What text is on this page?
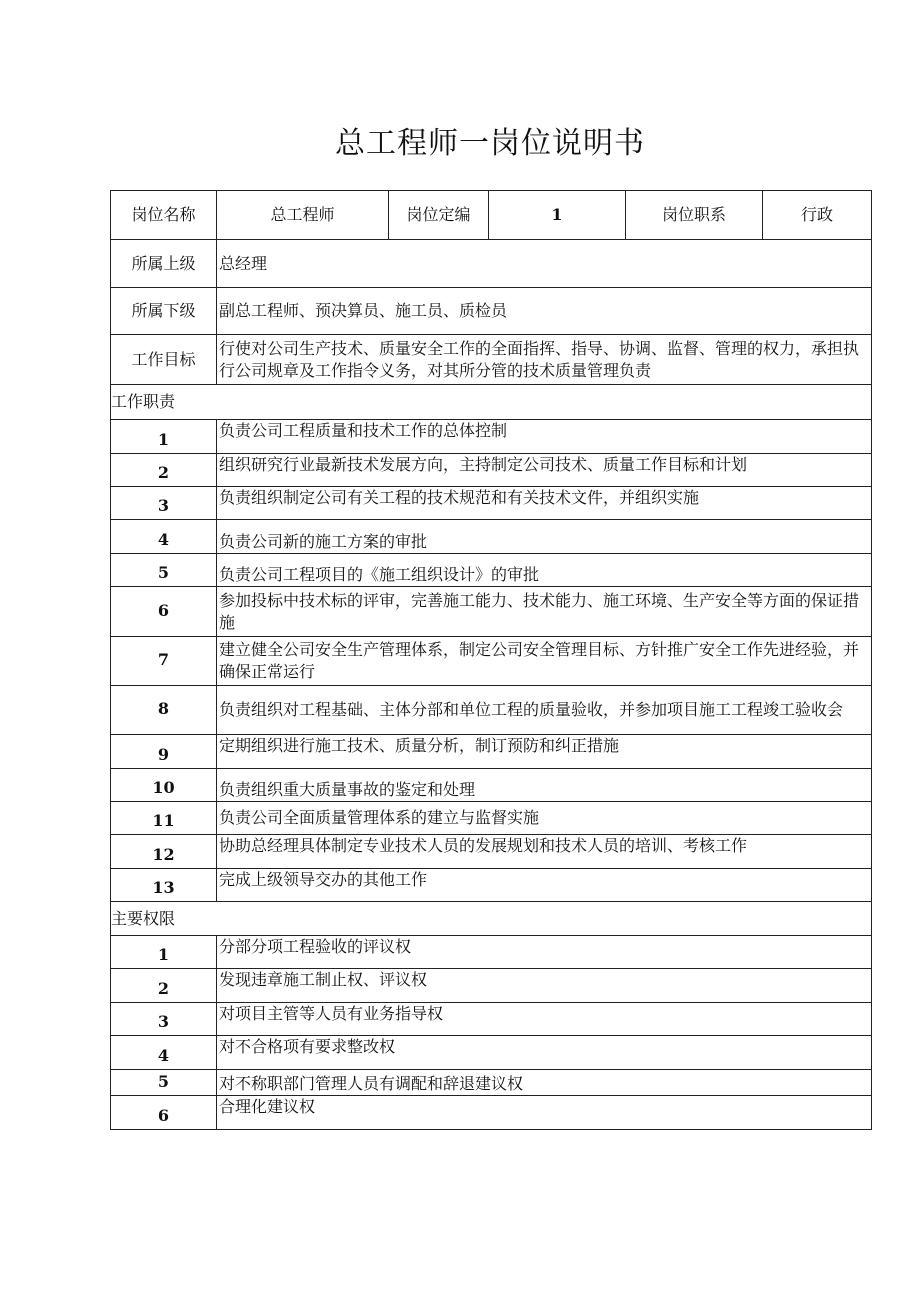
总工程师一岗位说明书
岗位名称	总工程师	岗位定编	1	岗位职系	行政
所属上级	总经理				
所属下级	副总工程师、预决算员、施工员、质检员				
工作目标	行使对公司生产技术、质量安全工作的全面指挥、指导、协调、监督、管理的权力，承担执行公司规章及工作指令义务，对其所分管的技术质量管理负责				
工作职责					
1	负责公司工程质量和技术工作的总体控制				
2	组织研究行业最新技术发展方向，主持制定公司技术、质量工作目标和计划				
3	负责组织制定公司有关工程的技术规范和有关技术文件，并组织实施				
4	负责公司新的施工方案的审批				
5	负责公司工程项目的《施工组织设计》的审批				
6	参加投标中技术标的评审，完善施工能力、技术能力、施工环境、生产安全等方面的保证措施				
7	建立健全公司安全生产管理体系，制定公司安全管理目标、方针推广安全工作先进经验，并确保正常运行				
8	负责组织对工程基础、主体分部和单位工程的质量验收，并参加项目施工工程竣工验收会				
9	定期组织进行施工技术、质量分析，制订预防和纠正措施				
10	负责组织重大质量事故的鉴定和处理				
11	负责公司全面质量管理体系的建立与监督实施				
12	协助总经理具体制定专业技术人员的发展规划和技术人员的培训、考核工作				
13	完成上级领导交办的其他工作				
主要权限					
1	分部分项工程验收的评议权				
2	发现违章施工制止权、评议权				
3	对项目主管等人员有业务指导权				
4	对不合格项有要求整改权				
5	对不称职部门管理人员有调配和辞退建议权				
6	合理化建议权				
